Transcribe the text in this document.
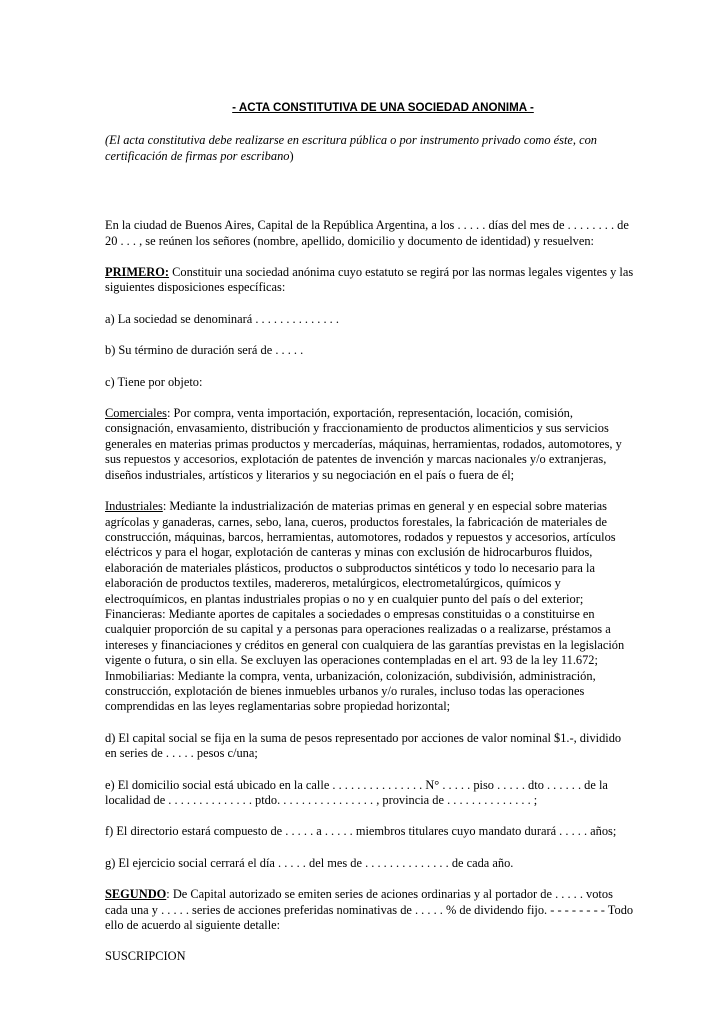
- ACTA CONSTITUTIVA DE UNA SOCIEDAD ANONIMA -

(El acta constitutiva debe realizarse en escritura pública o por instrumento privado como éste, con certificación de firmas por escribano)

En la ciudad de Buenos Aires, Capital de la República Argentina, a los . . . . . días del mes de . . . . . . . . de 20 . . . , se reúnen los señores (nombre, apellido, domicilio y documento de identidad) y resuelven:

PRIMERO: Constituir una sociedad anónima cuyo estatuto se regirá por las normas legales vigentes y las siguientes disposiciones específicas:

a) La sociedad se denominará . . . . . . . . . . . . . .

b) Su término de duración será de . . . . .

c) Tiene por objeto:

Comerciales: Por compra, venta importación, exportación, representación, locación, comisión, consignación, envasamiento, distribución y fraccionamiento de productos alimenticios y sus servicios generales en materias primas productos y mercaderías, máquinas, herramientas, rodados, automotores, y sus repuestos y accesorios, explotación de patentes de invención y marcas nacionales y/o extranjeras, diseños industriales, artísticos y literarios y su negociación en el país o fuera de él;

Industriales: Mediante la industrialización de materias primas en general y en especial sobre materias agrícolas y ganaderas, carnes, sebo, lana, cueros, productos forestales, la fabricación de materiales de construcción, máquinas, barcos, herramientas, automotores, rodados y repuestos y accesorios, artículos eléctricos y para el hogar, explotación de canteras y minas con exclusión de hidrocarburos fluidos, elaboración de materiales plásticos, productos o subproductos sintéticos y todo lo necesario para la elaboración de productos textiles, madereros, metalúrgicos, electrometalúrgicos, químicos y electroquímicos, en plantas industriales propias o no y en cualquier punto del país o del exterior;
Financieras: Mediante aportes de capitales a sociedades o empresas constituidas o a constituirse en cualquier proporción de su capital y a personas para operaciones realizadas o a realizarse, préstamos a intereses y financiaciones y créditos en general con cualquiera de las garantías previstas en la legislación vigente o futura, o sin ella. Se excluyen las operaciones contempladas en el art. 93 de la ley 11.672;
Inmobiliarias: Mediante la compra, venta, urbanización, colonización, subdivisión, administración, construcción, explotación de bienes inmuebles urbanos y/o rurales, incluso todas las operaciones comprendidas en las leyes reglamentarias sobre propiedad horizontal;

d) El capital social se fija en la suma de pesos representado por acciones de valor nominal $1.-, dividido en series de . . . . . pesos c/una;

e) El domicilio social está ubicado en la calle . . . . . . . . . . . . . . . N° . . . . . piso . . . . . dto . . . . . . de la localidad de . . . . . . . . . . . . . . ptdo. . . . . . . . . . . . . . . . , provincia de . . . . . . . . . . . . . . ;

f) El directorio estará compuesto de . . . . . a . . . . . miembros titulares cuyo mandato durará . . . . . años;

g) El ejercicio social cerrará el día . . . . . del mes de . . . . . . . . . . . . . . de cada año.

SEGUNDO: De Capital autorizado se emiten series de aciones ordinarias y al portador de . . . . . votos cada una y . . . . . series de acciones preferidas nominativas de . . . . . % de dividendo fijo. - - - - - - - - Todo ello de acuerdo al siguiente detalle:

SUSCRIPCION
